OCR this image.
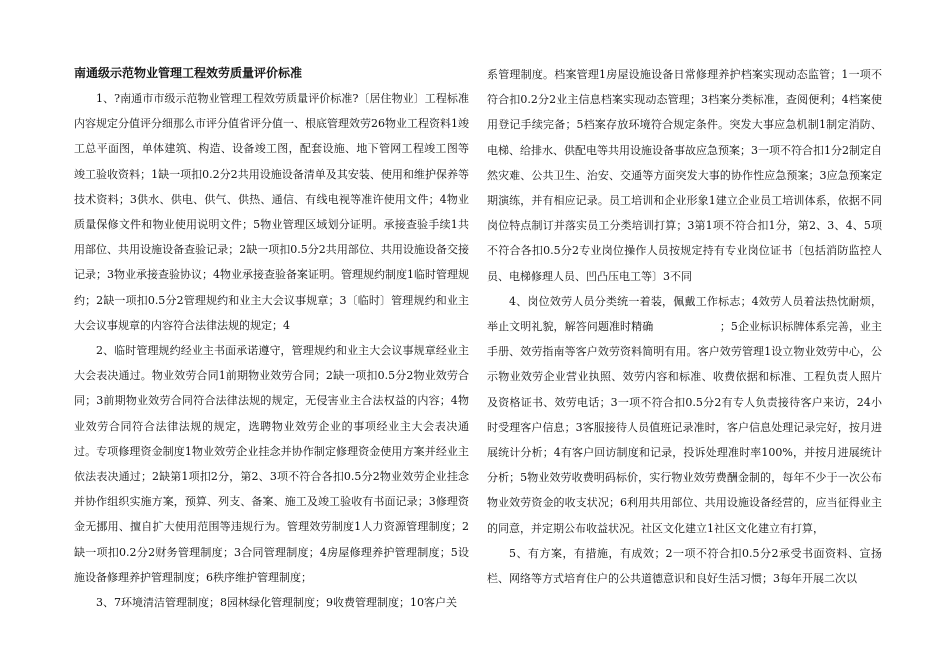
南通级示范物业管理工程效劳质量评价标准

1、?南通市市级示范物业管理工程效劳质量评价标准?〔居住物业〕工程标准内容规定分值评分细那么市评分值省评分值一、根底管理效劳26物业工程资料1竣工总平面图，单体建筑、构造、设备竣工图，配套设施、地下管网工程竣工图等竣工验收资料；1缺一项扣0.2分2共用设施设备清单及其安装、使用和维护保养等技术资料；3供水、供电、供气、供热、通信、有线电视等准许使用文件；4物业质量保修文件和物业使用说明文件；5物业管理区域划分证明。承接查验手续1共用部位、共用设施设备查验记录；2缺一项扣0.5分2共用部位、共用设施设备交接记录；3物业承接查验协议；4物业承接查验备案证明。管理规约制度1临时管理规约；2缺一项扣0.5分2管理规约和业主大会议事规章；3〔临时〕管理规约和业主大会议事规章的内容符合法律法规的规定；4

2、临时管理规约经业主书面承诺遵守，管理规约和业主大会议事规章经业主大会表决通过。物业效劳合同1前期物业效劳合同；2缺一项扣0.5分2物业效劳合同；3前期物业效劳合同符合法律法规的规定，无侵害业主合法权益的内容；4物业效劳合同符合法律法规的规定，选聘物业效劳企业的事项经业主大会表决通过。专项修理资金制度1物业效劳企业挂念并协作制定修理资金使用方案并经业主依法表决通过；2缺第1项扣2分，第2、3项不符合各扣0.5分2物业效劳企业挂念并协作组织实施方案，预算、列支、备案、施工及竣工验收有书面记录；3修理资金无挪用、擅自扩大使用范围等违规行为。管理效劳制度1人力资源管理制度；2缺一项扣0.2分2财务管理制度；3合同管理制度；4房屋修理养护管理制度；5设施设备修理养护管理制度；6秩序维护管理制度；

3、7环境清洁管理制度；8园林绿化管理制度；9收费管理制度；10客户关

系管理制度。档案管理1房屋设施设备日常修理养护档案实现动态监管；1一项不符合扣0.2分2业主信息档案实现动态管理；3档案分类标准，查阅便利；4档案使用登记手续完备；5档案存放环境符合规定条件。突发大事应急机制1制定消防、电梯、给排水、供配电等共用设施设备事故应急预案；3一项不符合扣1分2制定自然灾难、公共卫生、治安、交通等方面突发大事的协作性应急预案；3应急预案定期演练，并有相应记录。员工培训和企业形象1建立企业员工培训体系，依据不同岗位特点制订并落实员工分类培训打算；3第1项不符合扣1分，第2、3、4、5项不符合各扣0.5分2专业岗位操作人员按规定持有专业岗位证书〔包括消防监控人员、电梯修理人员、凹凸压电工等〕3不同

4、岗位效劳人员分类统一着装，佩戴工作标志；4效劳人员着法热忱耐烦，举止文明礼貌，解答问题准时精确　　　　　　；5企业标识标牌体系完善，业主手册、效劳指南等客户效劳资料简明有用。客户效劳管理1设立物业效劳中心，公示物业效劳企业营业执照、效劳内容和标准、收费依据和标准、工程负责人照片及资格证书、效劳电话；3一项不符合扣0.5分2有专人负责接待客户来访，24小时受理客户信息；3客服接待人员值班记录准时，客户信息处理记录完好，按月进展统计分析；4有客户回访制度和记录，投诉处理准时率100%，并按月进展统计分析；5物业效劳收费明码标价，实行物业效劳费酬金制的，每年不少于一次公布物业效劳资金的收支状况；6利用共用部位、共用设施设备经营的，应当征得业主的同意，并定期公布收益状况。社区文化建立1社区文化建立有打算，

5、有方案，有措施，有成效；2一项不符合扣0.5分2承受书面资料、宣扬栏、网络等方式培育住户的公共道德意识和良好生活习惯；3每年开展二次以
